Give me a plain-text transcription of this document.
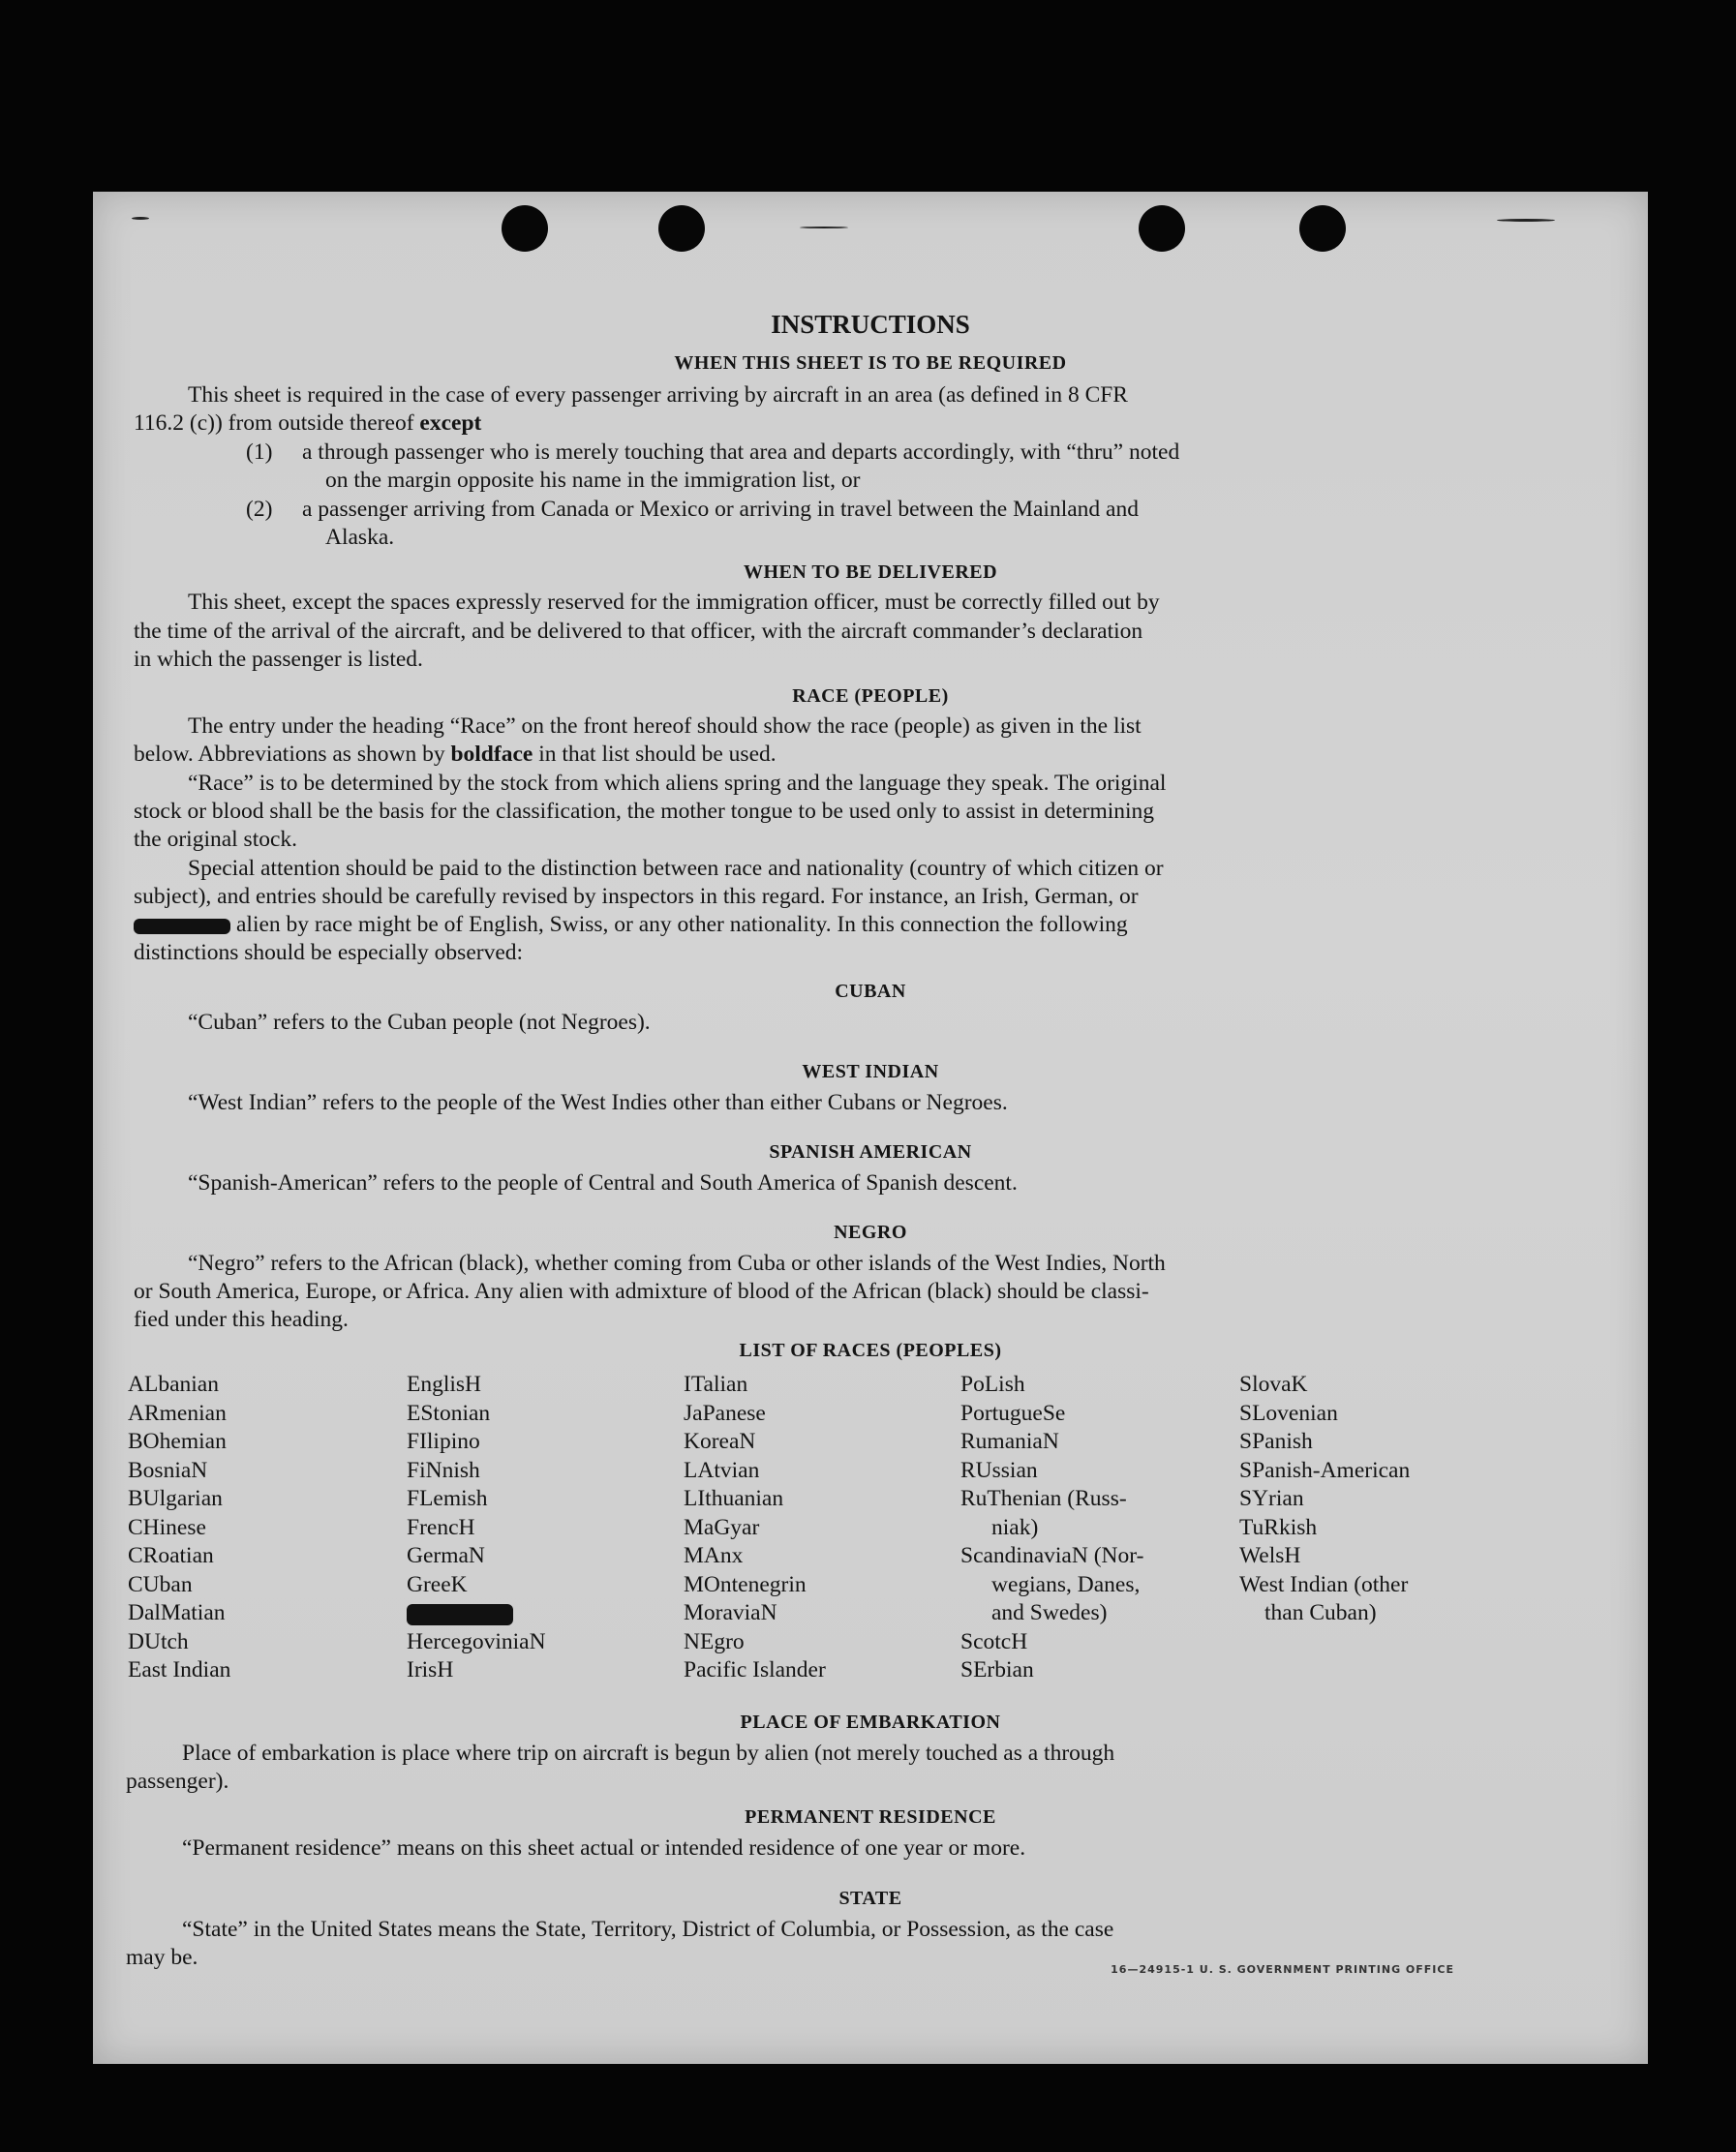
INSTRUCTIONS
WHEN THIS SHEET IS TO BE REQUIRED
This sheet is required in the case of every passenger arriving by aircraft in an area (as defined in 8 CFR
116.2 (c)) from outside thereof except
(1) a through passenger who is merely touching that area and departs accordingly, with “thru” noted
on the margin opposite his name in the immigration list, or
(2) a passenger arriving from Canada or Mexico or arriving in travel between the Mainland and
Alaska.
WHEN TO BE DELIVERED
This sheet, except the spaces expressly reserved for the immigration officer, must be correctly filled out by
the time of the arrival of the aircraft, and be delivered to that officer, with the aircraft commander’s declaration
in which the passenger is listed.
RACE (PEOPLE)
The entry under the heading “Race” on the front hereof should show the race (people) as given in the list
below. Abbreviations as shown by boldface in that list should be used.
“Race” is to be determined by the stock from which aliens spring and the language they speak. The original
stock or blood shall be the basis for the classification, the mother tongue to be used only to assist in determining
the original stock.
Special attention should be paid to the distinction between race and nationality (country of which citizen or
subject), and entries should be carefully revised by inspectors in this regard. For instance, an Irish, German, or
alien by race might be of English, Swiss, or any other nationality. In this connection the following
distinctions should be especially observed:
CUBAN
“Cuban” refers to the Cuban people (not Negroes).
WEST INDIAN
“West Indian” refers to the people of the West Indies other than either Cubans or Negroes.
SPANISH AMERICAN
“Spanish-American” refers to the people of Central and South America of Spanish descent.
NEGRO
“Negro” refers to the African (black), whether coming from Cuba or other islands of the West Indies, North
or South America, Europe, or Africa. Any alien with admixture of blood of the African (black) should be classi-
fied under this heading.
LIST OF RACES (PEOPLES)
ALbanian
ARmenian
BOhemian
BosniaN
BUlgarian
CHinese
CRoatian
CUban
DalMatian
DUtch
East Indian
EnglisH
EStonian
FIlipino
FiNnish
FLemish
FrencH
GermaN
GreeK
HercegoviniaN
IrisH
ITalian
JaPanese
KoreaN
LAtvian
LIthuanian
MaGyar
MAnx
MOntenegrin
MoraviaN
NEgro
Pacific Islander
PoLish
PortugueSe
RumaniaN
RUssian
RuThenian (Russ-
niak)
ScandinaviaN (Nor-
wegians, Danes,
and Swedes)
ScotcH
SErbian
SlovaK
SLovenian
SPanish
SPanish-American
SYrian
TuRkish
WelsH
West Indian (other
than Cuban)
PLACE OF EMBARKATION
Place of embarkation is place where trip on aircraft is begun by alien (not merely touched as a through
passenger).
PERMANENT RESIDENCE
“Permanent residence” means on this sheet actual or intended residence of one year or more.
STATE
“State” in the United States means the State, Territory, District of Columbia, or Possession, as the case
may be.	16—24915-1 U. S. GOVERNMENT PRINTING OFFICE
